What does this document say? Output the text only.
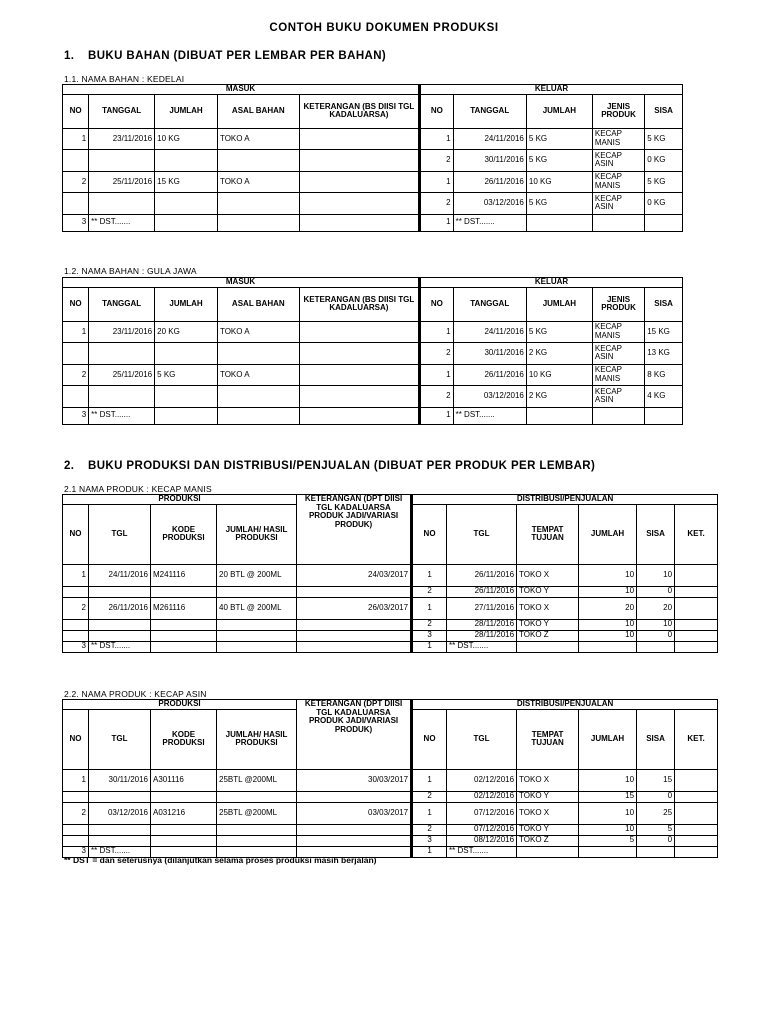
CONTOH BUKU DOKUMEN PRODUKSI
1. BUKU BAHAN (DIBUAT PER LEMBAR PER BAHAN)
1.1. NAMA BAHAN : KEDELAI
MASUK					KELUAR				
NO	TANGGAL	JUMLAH	ASAL BAHAN	KETERANGAN (BS DIISI TGL KADALUARSA)	NO	TANGGAL	JUMLAH	JENIS PRODUK	SISA
1	23/11/2016	10 KG	TOKO A		1	24/11/2016	5 KG	KECAP MANIS	5 KG
					2	30/11/2016	5 KG	KECAP ASIN	0 KG
2	25/11/2016	15 KG	TOKO A		1	26/11/2016	10 KG	KECAP MANIS	5 KG
					2	03/12/2016	5 KG	KECAP ASIN	0 KG
3	** DST.......				1	** DST.......			
1.2. NAMA BAHAN : GULA JAWA
MASUK					KELUAR				
NO	TANGGAL	JUMLAH	ASAL BAHAN	KETERANGAN (BS DIISI TGL KADALUARSA)	NO	TANGGAL	JUMLAH	JENIS PRODUK	SISA
1	23/11/2016	20 KG	TOKO A		1	24/11/2016	5 KG	KECAP MANIS	15 KG
					2	30/11/2016	2 KG	KECAP ASIN	13 KG
2	25/11/2016	5 KG	TOKO A		1	26/11/2016	10 KG	KECAP MANIS	8 KG
					2	03/12/2016	2 KG	KECAP ASIN	4 KG
3	** DST.......				1	** DST.......			
2. BUKU PRODUKSI DAN DISTRIBUSI/PENJUALAN (DIBUAT PER PRODUK PER LEMBAR)
2.1 NAMA PRODUK : KECAP MANIS
PRODUKSI				KETERANGAN (DPT DIISI TGL KADALUARSA PRODUK JADI/VARIASI PRODUK)	DISTRIBUSI/PENJUALAN					
NO	TGL	KODE PRODUKSI	JUMLAH/ HASIL PRODUKSI		NO	TGL	TEMPAT TUJUAN	JUMLAH	SISA	KET.
1	24/11/2016	M241116	20 BTL @ 200ML	24/03/2017	1	26/11/2016	TOKO X	10	10	
					2	26/11/2016	TOKO Y	10	0	
2	26/11/2016	M261116	40 BTL @ 200ML	26/03/2017	1	27/11/2016	TOKO X	20	20	
					2	28/11/2016	TOKO Y	10	10	
					3	28/11/2016	TOKO Z	10	0	
3	** DST.......				1	** DST.......				
2.2. NAMA PRODUK : KECAP ASIN
PRODUKSI				KETERANGAN (DPT DIISI TGL KADALUARSA PRODUK JADI/VARIASI PRODUK)	DISTRIBUSI/PENJUALAN					
NO	TGL	KODE PRODUKSI	JUMLAH/ HASIL PRODUKSI		NO	TGL	TEMPAT TUJUAN	JUMLAH	SISA	KET.
1	30/11/2016	A301116	25BTL @200ML	30/03/2017	1	02/12/2016	TOKO X	10	15	
					2	02/12/2016	TOKO Y	15	0	
2	03/12/2016	A031216	25BTL @200ML	03/03/2017	1	07/12/2016	TOKO X	10	25	
					2	07/12/2016	TOKO Y	10	5	
					3	08/12/2016	TOKO Z	5	0	
3	** DST.......				1	** DST.......				
** DST = dan seterusnya (dilanjutkan selama proses produksi masih berjalan)
